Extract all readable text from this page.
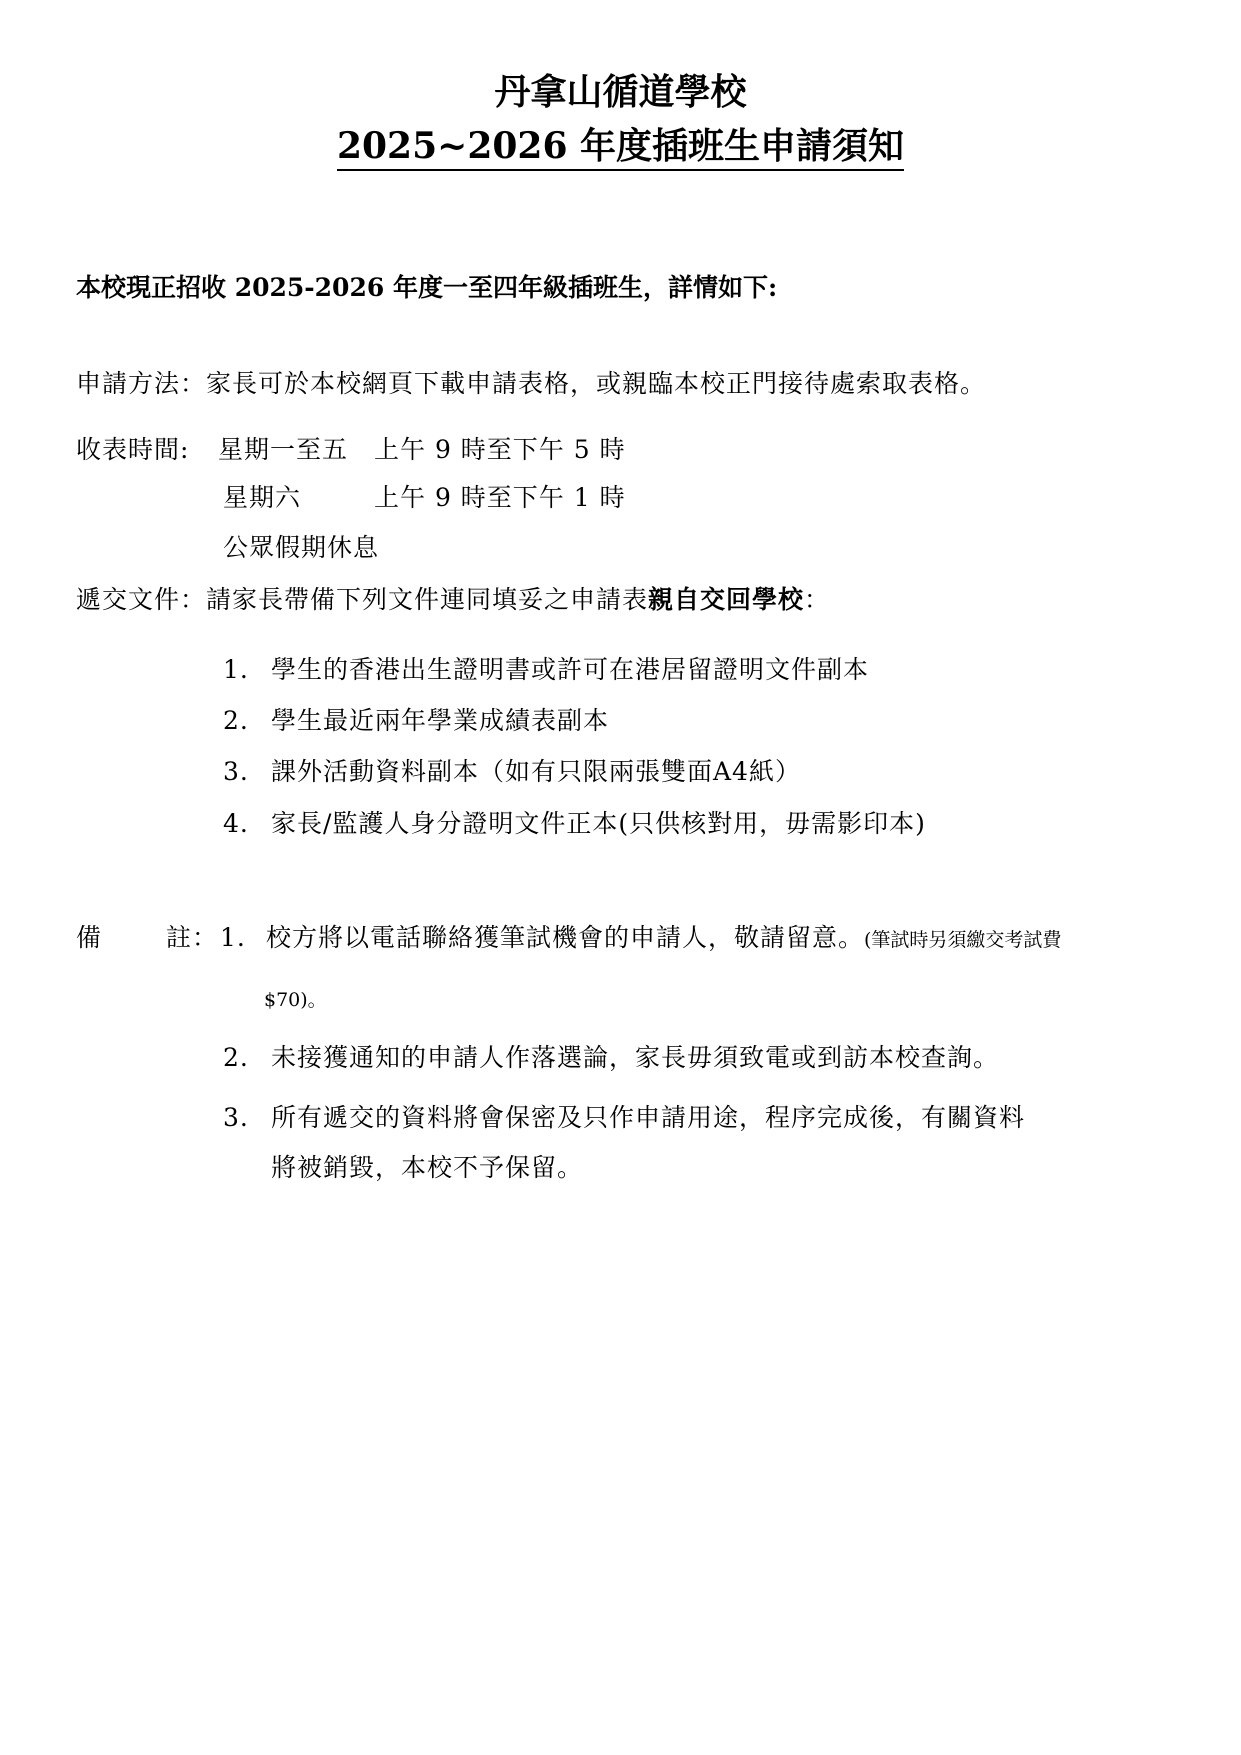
丹拿山循道學校
2025~2026 年度插班生申請須知
本校現正招收 2025-2026 年度一至四年級插班生，詳情如下:
申請方法：家長可於本校網頁下載申請表格，或親臨本校正門接待處索取表格。
收表時間: 星期一至五 上午 9 時至下午 5 時
星期六	上午 9 時至下午 1 時
公眾假期休息
遞交文件：請家長帶備下列文件連同填妥之申請表親自交回學校：
1. 學生的香港出生證明書或許可在港居留證明文件副本
2. 學生最近兩年學業成績表副本
3. 課外活動資料副本（如有只限兩張雙面A4紙）
4. 家長/監護人身分證明文件正本(只供核對用，毋需影印本)
備	註： 1. 校方將以電話聯絡獲筆試機會的申請人，敬請留意。(筆試時另須繳交考試費
$70)。
2. 未接獲通知的申請人作落選論，家長毋須致電或到訪本校查詢。
3. 所有遞交的資料將會保密及只作申請用途，程序完成後，有關資料
將被銷毀，本校不予保留。
